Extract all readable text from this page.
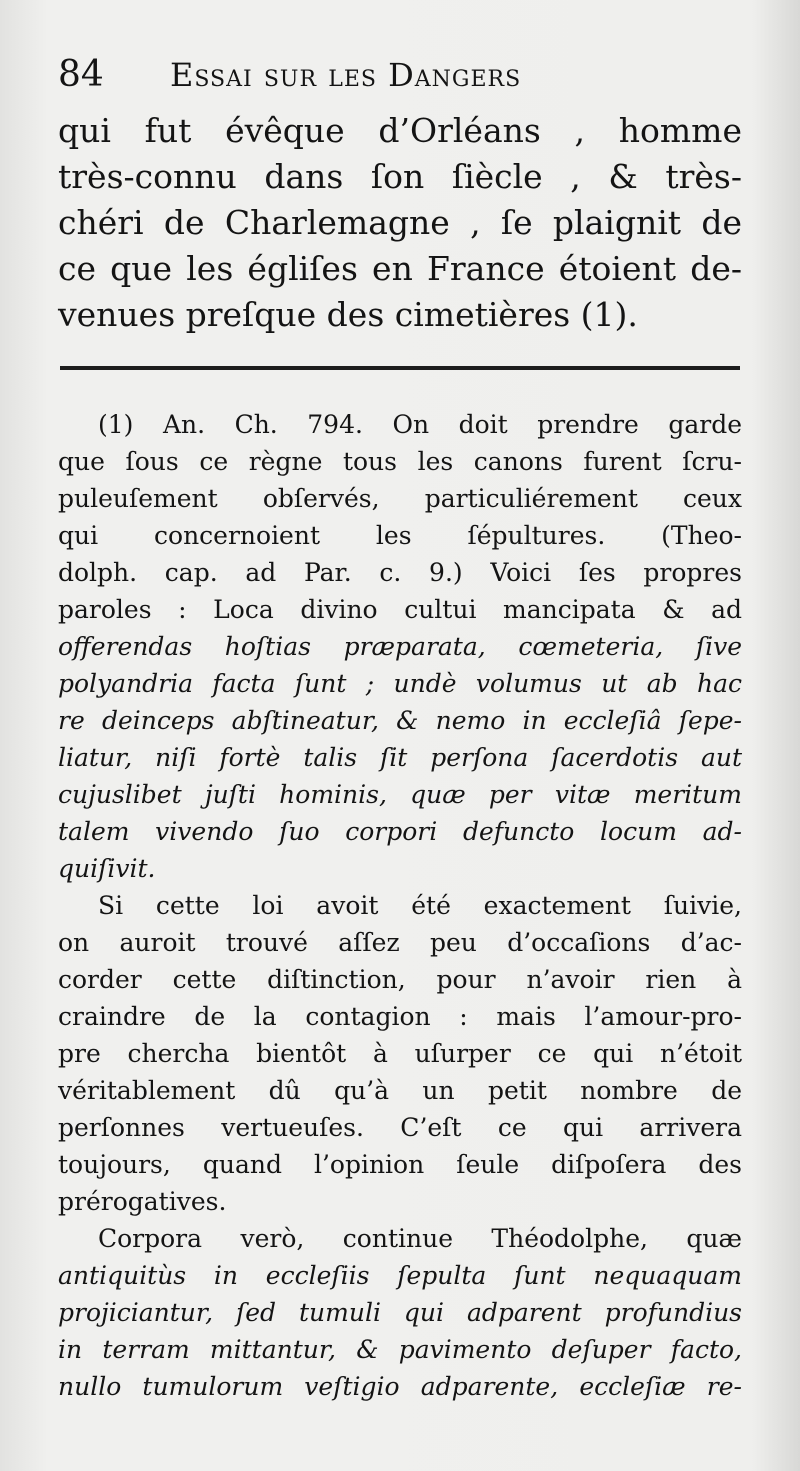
84 Essai sur les Dangers
qui fut évêque d’Orléans , homme
très-connu dans ſon ſiècle , & très-
chéri de Charlemagne , ſe plaignit de
ce que les égliſes en France étoient de-
venues preſque des cimetières (1).
(1) An. Ch. 794. On doit prendre garde
que ſous ce règne tous les canons furent ſcru-
puleuſement obſervés, particuliérement ceux
qui concernoient les ſépultures. (Theo-
dolph. cap. ad Par. c. 9.) Voici ſes propres
paroles : Loca divino cultui mancipata & ad
offerendas hoſtias præparata, cœmeteria, ſive
polyandria facta ſunt ; undè volumus ut ab hac
re deinceps abſtineatur, & nemo in eccleſiâ ſepe-
liatur, niſi fortè talis ſit perſona ſacerdotis aut
cujuslibet juſti hominis, quæ per vitæ meritum
talem vivendo ſuo corpori defuncto locum ad-
quiſivit.
Si cette loi avoit été exactement ſuivie,
on auroit trouvé aſſez peu d’occaſions d’ac-
corder cette diſtinction, pour n’avoir rien à
craindre de la contagion : mais l’amour-pro-
pre chercha bientôt à uſurper ce qui n’étoit
véritablement dû qu’à un petit nombre de
perſonnes vertueuſes. C’eſt ce qui arrivera
toujours, quand l’opinion ſeule diſpoſera des
prérogatives.
Corpora verò, continue Théodolphe, quæ
antiquitùs in eccleſiis ſepulta ſunt nequaquam
projiciantur, ſed tumuli qui adparent profundius
in terram mittantur, & pavimento deſuper facto,
nullo tumulorum veſtigio adparente, eccleſiæ re-
